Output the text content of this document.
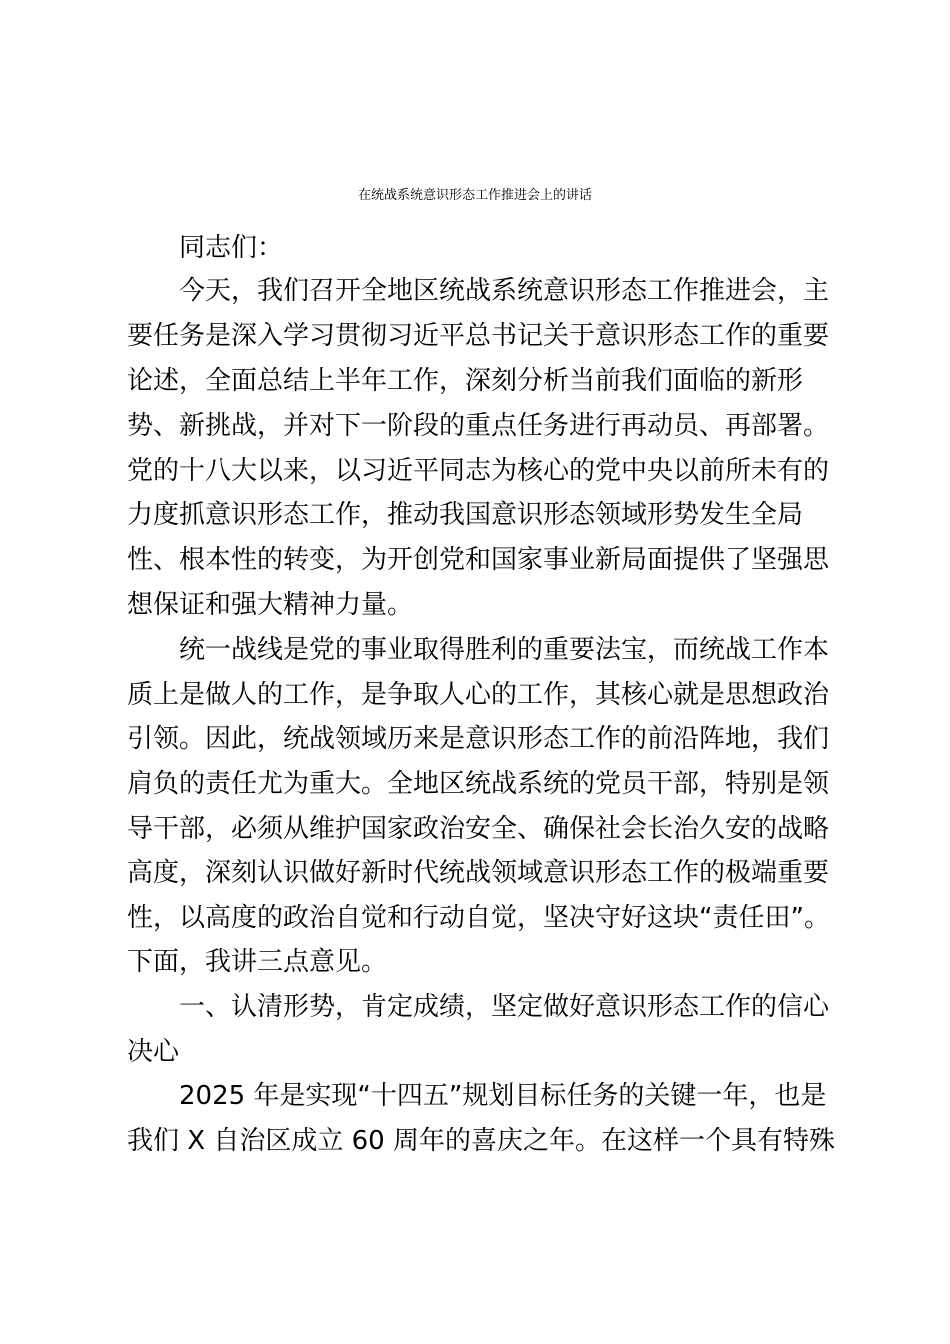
在统战系统意识形态工作推进会上的讲话
同志们：
今天，我们召开全地区统战系统意识形态工作推进会，主
要任务是深入学习贯彻习近平总书记关于意识形态工作的重要
论述，全面总结上半年工作，深刻分析当前我们面临的新形
势、新挑战，并对下一阶段的重点任务进行再动员、再部署。
党的十八大以来，以习近平同志为核心的党中央以前所未有的
力度抓意识形态工作，推动我国意识形态领域形势发生全局
性、根本性的转变，为开创党和国家事业新局面提供了坚强思
想保证和强大精神力量。
统一战线是党的事业取得胜利的重要法宝，而统战工作本
质上是做人的工作，是争取人心的工作，其核心就是思想政治
引领。因此，统战领域历来是意识形态工作的前沿阵地，我们
肩负的责任尤为重大。全地区统战系统的党员干部，特别是领
导干部，必须从维护国家政治安全、确保社会长治久安的战略
高度，深刻认识做好新时代统战领域意识形态工作的极端重要
性，以高度的政治自觉和行动自觉，坚决守好这块“责任田”。
下面，我讲三点意见。
一、认清形势，肯定成绩，坚定做好意识形态工作的信心
决心
2025 年是实现“十四五”规划目标任务的关键一年，也是
我们 X 自治区成立 60 周年的喜庆之年。在这样一个具有特殊
